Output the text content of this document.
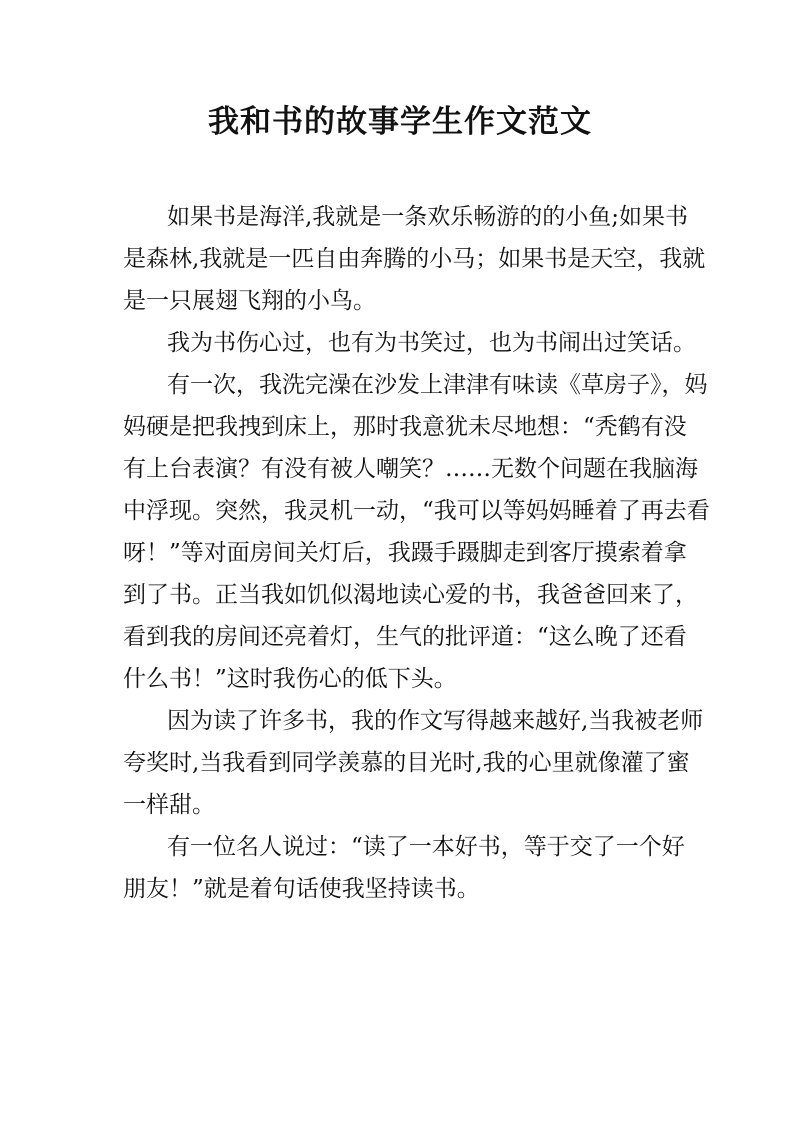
我和书的故事学生作文范文
如果书是海洋,我就是一条欢乐畅游的的小鱼;如果书
是森林,我就是一匹自由奔腾的小马；如果书是天空，我就
是一只展翅飞翔的小鸟。
我为书伤心过，也有为书笑过，也为书闹出过笑话。
有一次，我洗完澡在沙发上津津有味读《草房子》，妈
妈硬是把我拽到床上，那时我意犹未尽地想：“秃鹤有没
有上台表演？有没有被人嘲笑？……无数个问题在我脑海
中浮现。突然，我灵机一动，“我可以等妈妈睡着了再去看
呀！”等对面房间关灯后，我蹑手蹑脚走到客厅摸索着拿
到了书。正当我如饥似渴地读心爱的书，我爸爸回来了，
看到我的房间还亮着灯，生气的批评道：“这么晚了还看
什么书！”这时我伤心的低下头。
因为读了许多书，我的作文写得越来越好,当我被老师
夸奖时,当我看到同学羡慕的目光时,我的心里就像灌了蜜
一样甜。
有一位名人说过：“读了一本好书，等于交了一个好
朋友！”就是着句话使我坚持读书。
